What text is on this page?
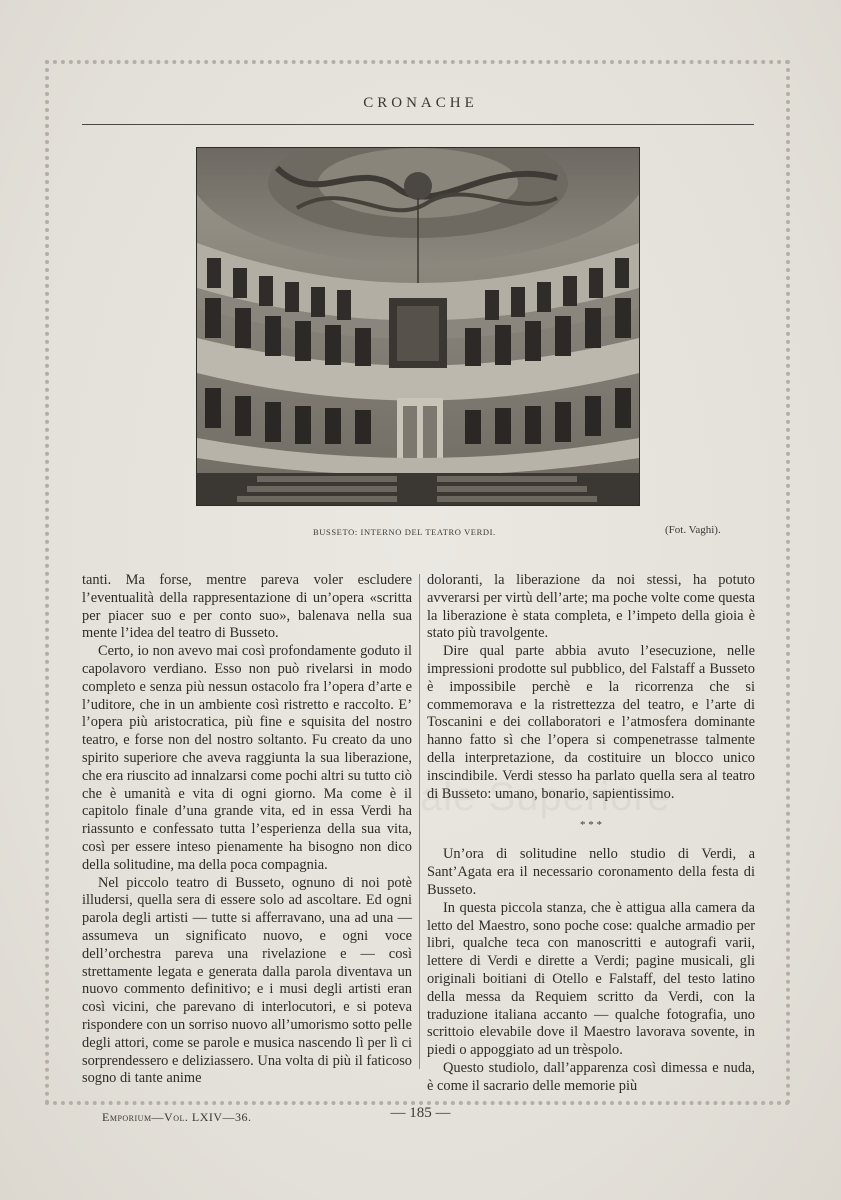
CRONACHE
BUSSETO: INTERNO DEL TEATRO VERDI.	(Fot. Vaghi).

tanti. Ma forse, mentre pareva voler escludere l’eventualità della rappresentazione di un’opera «scritta per piacer suo e per conto suo», balenava nella sua mente l’idea del teatro di Busseto.

Certo, io non avevo mai così profondamente goduto il capolavoro verdiano. Esso non può rivelarsi in modo completo e senza più nessun ostacolo fra l’opera d’arte e l’uditore, che in un ambiente così ristretto e raccolto. E’ l’opera più aristocratica, più fine e squisita del nostro teatro, e forse non del nostro soltanto. Fu creato da uno spirito superiore che aveva raggiunta la sua liberazione, che era riuscito ad innalzarsi come pochi altri su tutto ciò che è umanità e vita di ogni giorno. Ma come è il capitolo finale d’una grande vita, ed in essa Verdi ha riassunto e confessato tutta l’esperienza della sua vita, così per essere inteso pienamente ha bisogno non dico della solitudine, ma della poca compagnia.

Nel piccolo teatro di Busseto, ognuno di noi potè illudersi, quella sera di essere solo ad ascoltare. Ed ogni parola degli artisti — tutte si afferravano, una ad una — assumeva un significato nuovo, e ogni voce dell’orchestra pareva una rivelazione e — così strettamente legata e generata dalla parola diventava un nuovo commento definitivo; e i musi degli artisti eran così vicini, che parevano di interlocutori, e si poteva rispondere con un sorriso nuovo all’umorismo sotto pelle degli attori, come se parole e musica nascendo lì per lì ci sorprendessero e deliziassero. Una volta di più il faticoso sogno di tante anime

doloranti, la liberazione da noi stessi, ha potuto avverarsi per virtù dell’arte; ma poche volte come questa la liberazione è stata completa, e l’impeto della gioia è stato più travolgente.

Dire qual parte abbia avuto l’esecuzione, nelle impressioni prodotte sul pubblico, del Falstaff a Busseto è impossibile perchè e la ricorrenza che si commemorava e la ristrettezza del teatro, e l’arte di Toscanini e dei collaboratori e l’atmosfera dominante hanno fatto sì che l’opera si compenetrasse talmente della interpretazione, da costituire un blocco unico inscindibile. Verdi stesso ha parlato quella sera al teatro di Busseto: umano, bonario, sapientissimo.

* * *

Un’ora di solitudine nello studio di Verdi, a Sant’Agata era il necessario coronamento della festa di Busseto.

In questa piccola stanza, che è attigua alla camera da letto del Maestro, sono poche cose: qualche armadio per libri, qualche teca con manoscritti e autografi varii, lettere di Verdi e dirette a Verdi; pagine musicali, gli originali boitiani di Otello e Falstaff, del testo latino della messa da Requiem scritto da Verdi, con la traduzione italiana accanto — qualche fotografia, uno scrittoio elevabile dove il Maestro lavorava sovente, in piedi o appoggiato ad un trèspolo.

Questo studiolo, dall’apparenza così dimessa e nuda, è come il sacrario delle memorie più

Emporium—Vol. LXIV—36.	— 185 —
